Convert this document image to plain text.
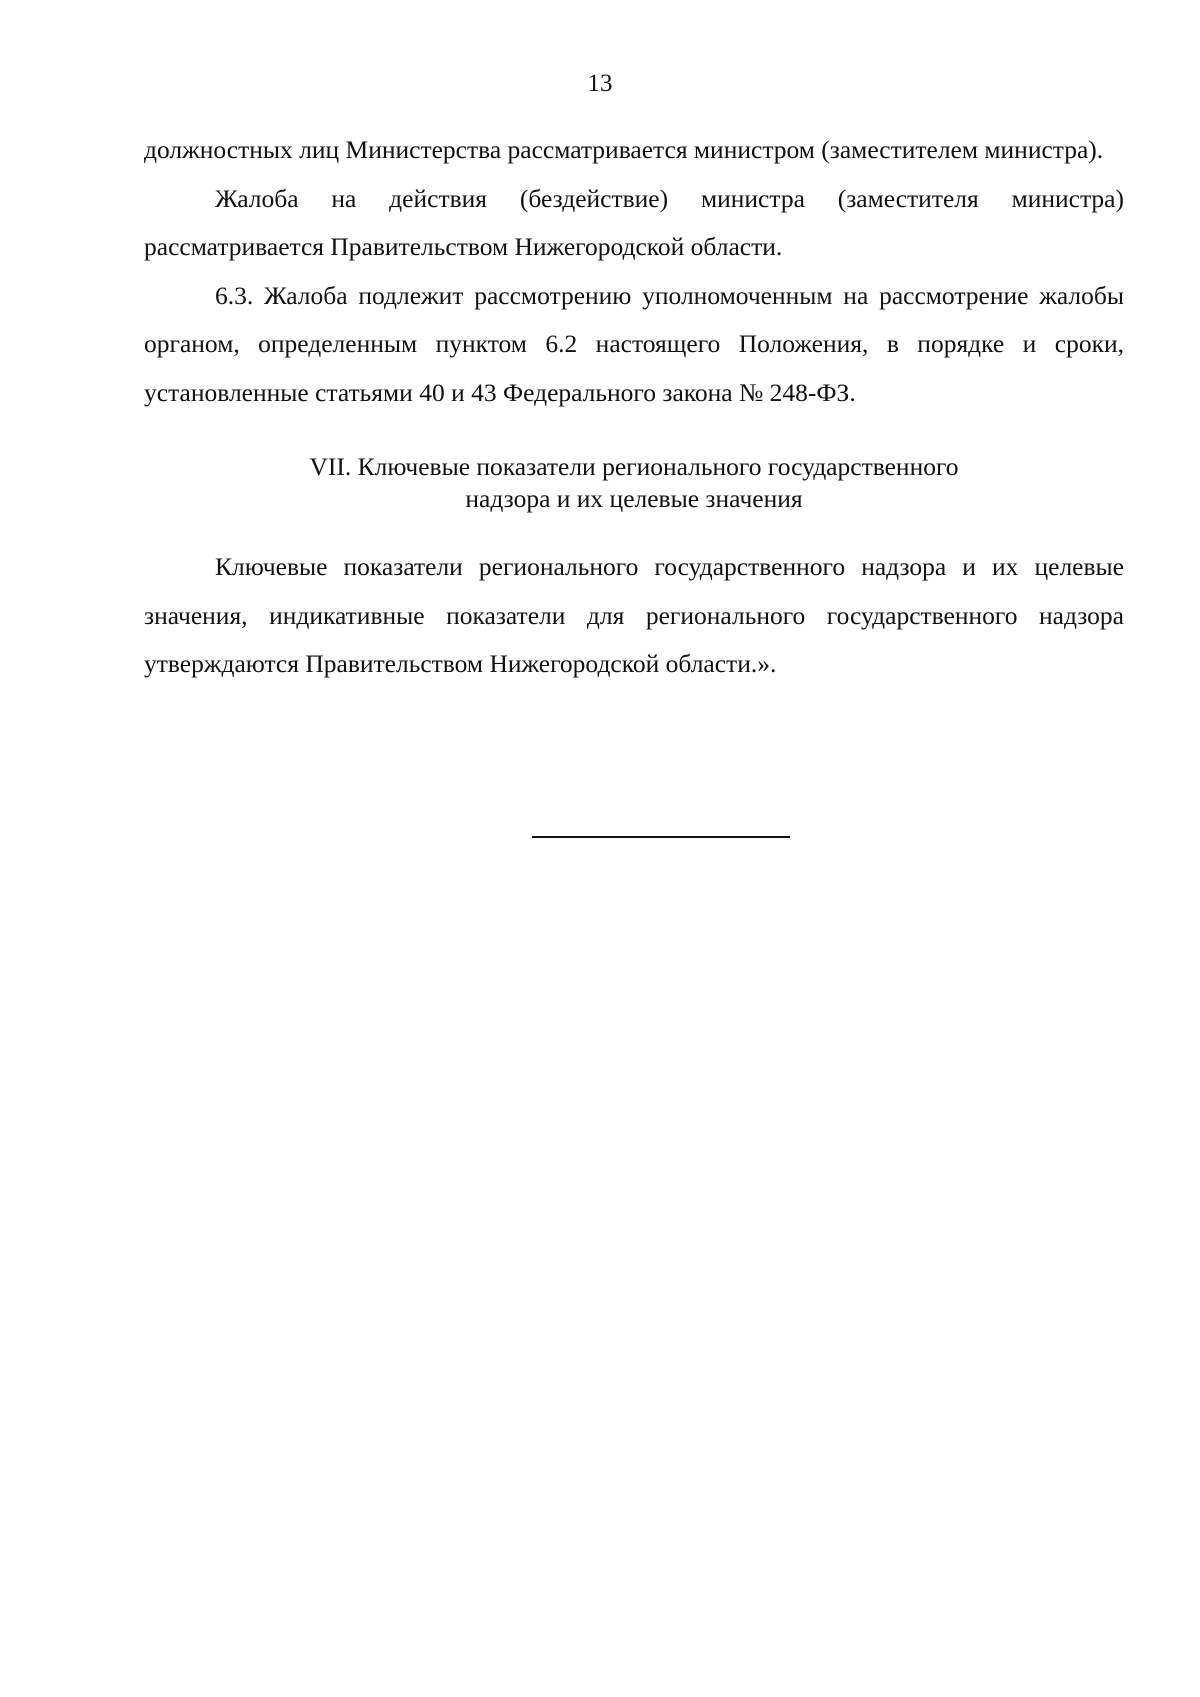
13

должностных лиц Министерства рассматривается министром (заместителем министра).

Жалоба на действия (бездействие) министра (заместителя министра) рассматривается Правительством Нижегородской области.

6.3. Жалоба подлежит рассмотрению уполномоченным на рассмотрение жалобы органом, определенным пунктом 6.2 настоящего Положения, в порядке и сроки, установленные статьями 40 и 43 Федерального закона № 248-ФЗ.

VII. Ключевые показатели регионального государственного
надзора и их целевые значения

Ключевые показатели регионального государственного надзора и их целевые значения, индикативные показатели для регионального государственного надзора утверждаются Правительством Нижегородской области.».
